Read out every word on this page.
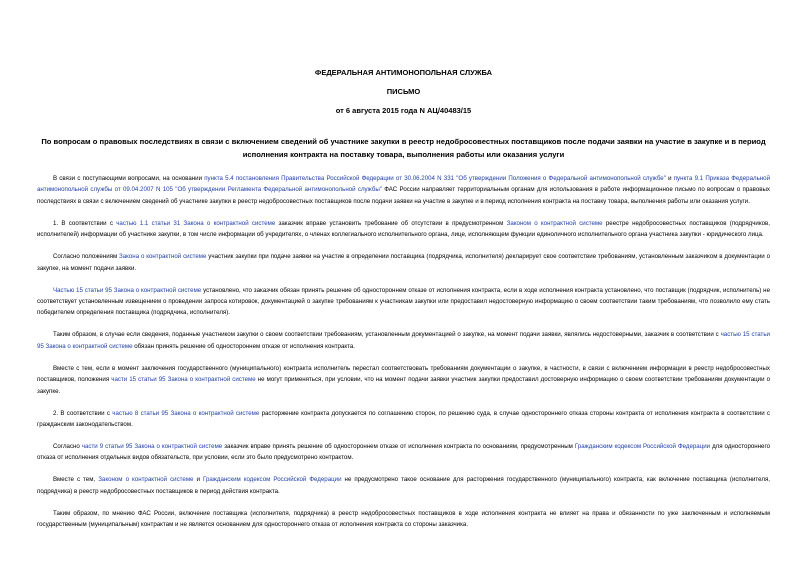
ФЕДЕРАЛЬНАЯ АНТИМОНОПОЛЬНАЯ СЛУЖБА
ПИСЬМО
от 6 августа 2015 года N АЦ/40483/15
По вопросам о правовых последствиях в связи с включением сведений об участнике закупки в реестр недобросовестных поставщиков после подачи заявки на участие в закупке и в период исполнения контракта на поставку товара, выполнения работы или оказания услуги

В связи с поступающими вопросами, на основании пункта 5.4 постановления Правительства Российской Федерации от 30.06.2004 N 331 "Об утверждении Положения о Федеральной антимонопольной службе" и пункта 9.1 Приказа Федеральной антимонопольной службы от 09.04.2007 N 105 "Об утверждении Регламента Федеральной антимонопольной службы" ФАС России направляет территориальным органам для использования в работе информационное письмо по вопросам о правовых последствиях в связи с включением сведений об участнике закупки в реестр недобросовестных поставщиков после подачи заявки на участие в закупке и в период исполнения контракта на поставку товара, выполнения работы или оказания услуги.

1. В соответствии с частью 1.1 статьи 31 Закона о контрактной системе заказчик вправе установить требование об отсутствии в предусмотренном Законом о контрактной системе реестре недобросовестных поставщиков (подрядчиков, исполнителей) информации об участнике закупки, в том числе информации об учредителях, о членах коллегиального исполнительного органа, лице, исполняющем функции единоличного исполнительного органа участника закупки - юридического лица.

Согласно положениям Закона о контрактной системе участник закупки при подаче заявки на участие в определении поставщика (подрядчика, исполнителя) декларирует свое соответствие требованиям, установленным заказчиком в документации о закупке, на момент подачи заявки.

Частью 15 статьи 95 Закона о контрактной системе установлено, что заказчик обязан принять решение об одностороннем отказе от исполнения контракта, если в ходе исполнения контракта установлено, что поставщик (подрядчик, исполнитель) не соответствует установленным извещением о проведении запроса котировок, документацией о закупке требованиям к участникам закупки или предоставил недостоверную информацию о своем соответствии таким требованиям, что позволило ему стать победителем определения поставщика (подрядчика, исполнителя).

Таким образом, в случае если сведения, поданные участником закупки о своем соответствии требованиям, установленным документацией о закупке, на момент подачи заявки, являлись недостоверными, заказчик в соответствии с частью 15 статьи 95 Закона о контрактной системе обязан принять решение об одностороннем отказе от исполнения контракта.

Вместе с тем, если в момент заключения государственного (муниципального) контракта исполнитель перестал соответствовать требованиям документации о закупке, в частности, в связи с включением информации в реестр недобросовестных поставщиков, положения части 15 статьи 95 Закона о контрактной системе не могут применяться, при условии, что на момент подачи заявки участник закупки предоставил достоверную информацию о своем соответствии требованиям документации о закупке.

2. В соответствии с частью 8 статьи 95 Закона о контрактной системе расторжение контракта допускается по соглашению сторон, по решению суда, в случае одностороннего отказа стороны контракта от исполнения контракта в соответствии с гражданским законодательством.

Согласно части 9 статьи 95 Закона о контрактной системе заказчик вправе принять решение об одностороннем отказе от исполнения контракта по основаниям, предусмотренным Гражданским кодексом Российской Федерации для одностороннего отказа от исполнения отдельных видов обязательств, при условии, если это было предусмотрено контрактом.

Вместе с тем, Законом о контрактной системе и Гражданским кодексом Российской Федерации не предусмотрено такое основание для расторжения государственного (муниципального) контракта, как включение поставщика (исполнителя, подрядчика) в реестр недобросовестных поставщиков в период действия контракта.

Таким образом, по мнению ФАС России, включение поставщика (исполнителя, подрядчика) в реестр недобросовестных поставщиков в ходе исполнения контракта не влияет на права и обязанности по уже заключенным и исполняемым государственным (муниципальным) контрактам и не является основанием для одностороннего отказа от исполнения контракта со стороны заказчика.
